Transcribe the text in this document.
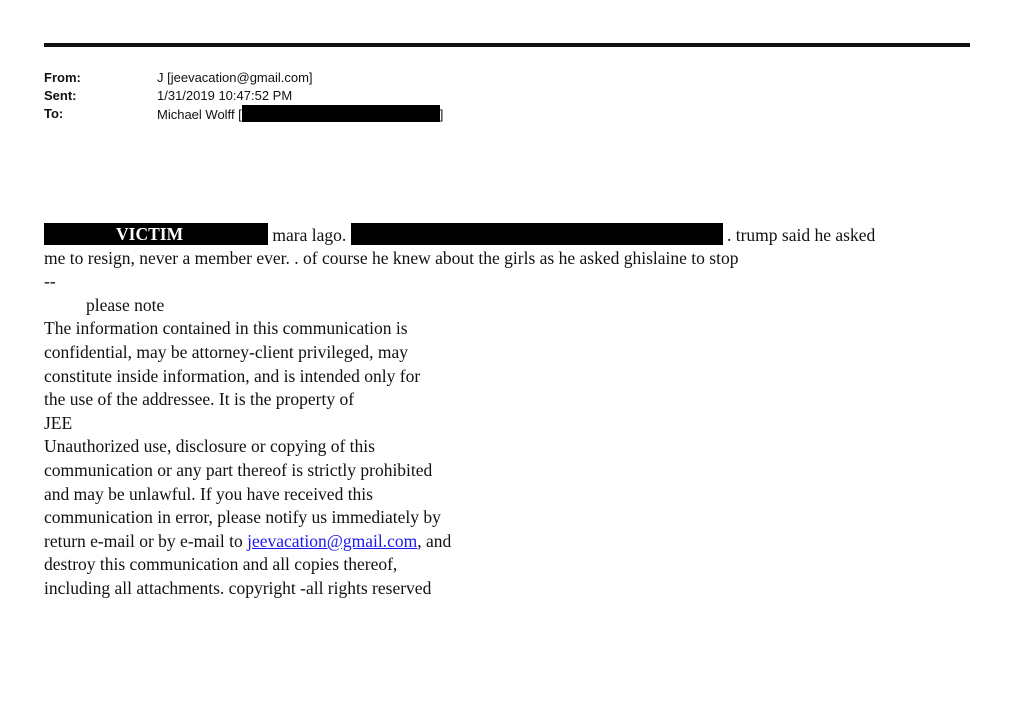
From:	J [jeevacation@gmail.com]
Sent:	1/31/2019 10:47:52 PM
To:	Michael Wolff [	]
VICTIM	mara lago.	. trump said he asked
me to resign, never a member ever. . of course he knew about the girls as he asked ghislaine to stop
--
please note
The information contained in this communication is
confidential, may be attorney-client privileged, may
constitute inside information, and is intended only for
the use of the addressee. It is the property of
JEE
Unauthorized use, disclosure or copying of this
communication or any part thereof is strictly prohibited
and may be unlawful. If you have received this
communication in error, please notify us immediately by
return e-mail or by e-mail to jeevacation@gmail.com, and
destroy this communication and all copies thereof,
including all attachments. copyright -all rights reserved
